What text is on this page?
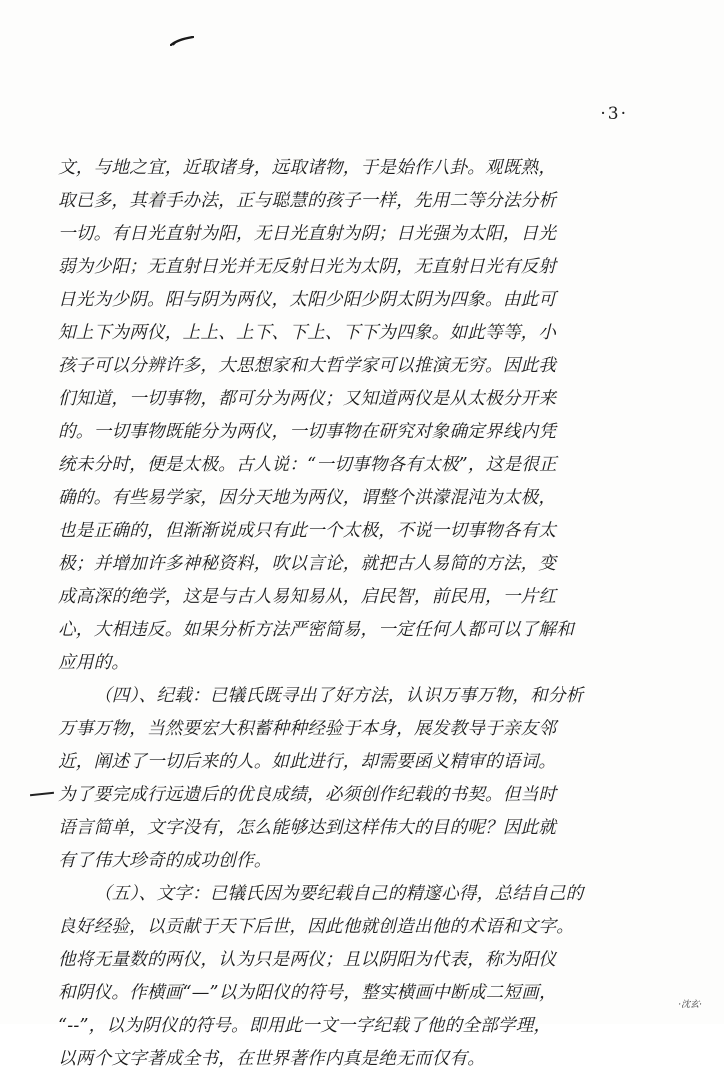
·3·
文，与地之宜，近取诸身，远取诸物，于是始作八卦。观既熟，
取已多，其着手办法，正与聪慧的孩子一样，先用二等分法分析
一切。有日光直射为阳，无日光直射为阴；日光强为太阳，日光
弱为少阳；无直射日光并无反射日光为太阴，无直射日光有反射
日光为少阴。阳与阴为两仪，太阳少阳少阴太阴为四象。由此可
知上下为两仪，上上、上下、下上、下下为四象。如此等等，小
孩子可以分辨许多，大思想家和大哲学家可以推演无穷。因此我
们知道，一切事物，都可分为两仪；又知道两仪是从太极分开来
的。一切事物既能分为两仪，一切事物在研究对象确定界线内凭
统未分时，便是太极。古人说：“一切事物各有太极”，这是很正
确的。有些易学家，因分天地为两仪，谓整个洪濛混沌为太极，
也是正确的，但渐渐说成只有此一个太极，不说一切事物各有太
极；并增加许多神秘资料，吹以言论，就把古人易简的方法，变
成高深的绝学，这是与古人易知易从，启民智，前民用，一片红
心，大相违反。如果分析方法严密简易，一定任何人都可以了解和
应用的。
（四）、纪载：已犠氏既寻出了好方法，认识万事万物，和分析
万事万物，当然要宏大积蓄种种经验于本身，展发教导于亲友邻
近，阐述了一切后来的人。如此进行，却需要函义精审的语词。
为了要完成行远遗后的优良成绩，必须创作纪载的书契。但当时
语言简单，文字没有，怎么能够达到这样伟大的目的呢？因此就
有了伟大珍奇的成功创作。
（五）、文字：已犠氏因为要纪载自己的精邃心得，总结自己的
良好经验，以贡献于天下后世，因此他就创造出他的术语和文字。
他将无量数的两仪，认为只是两仪；且以阴阳为代表，称为阳仪
和阴仪。作横画“—”以为阳仪的符号，整实横画中断成二短画，
“--”，以为阴仪的符号。即用此一文一字纪载了他的全部学理，
以两个文字著成全书，在世界著作内真是绝无而仅有。
·沈玄·
